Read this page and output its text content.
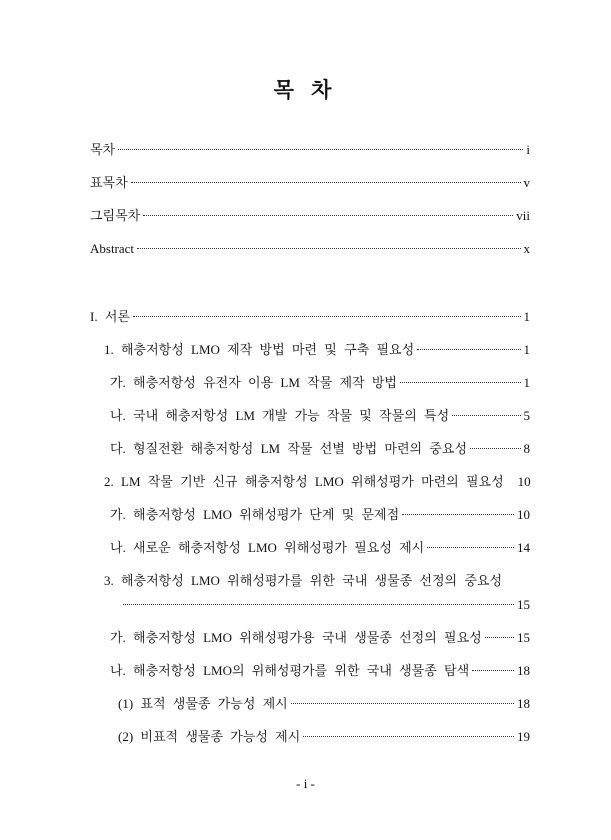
목 차
목차	i
표목차	v
그림목차	vii
Abstract	x
I. 서론	1
1. 해충저항성 LMO 제작 방법 마련 및 구축 필요성	1
가. 해충저항성 유전자 이용 LM 작물 제작 방법	1
나. 국내 해충저항성 LM 개발 가능 작물 및 작물의 특성	5
다. 형질전환 해충저항성 LM 작물 선별 방법 마련의 중요성	8
2. LM 작물 기반 신규 해충저항성 LMO 위해성평가 마련의 필요성 10
가. 해충저항성 LMO 위해성평가 단계 및 문제점	10
나. 새로운 해충저항성 LMO 위해성평가 필요성 제시	14
3. 해충저항성 LMO 위해성평가를 위한 국내 생물종 선정의 중요성
15
가. 해충저항성 LMO 위해성평가용 국내 생물종 선정의 필요성	15
나. 해충저항성 LMO의 위해성평가를 위한 국내 생물종 탐색	18
(1) 표적 생물종 가능성 제시	18
(2) 비표적 생물종 가능성 제시	19
- i -
